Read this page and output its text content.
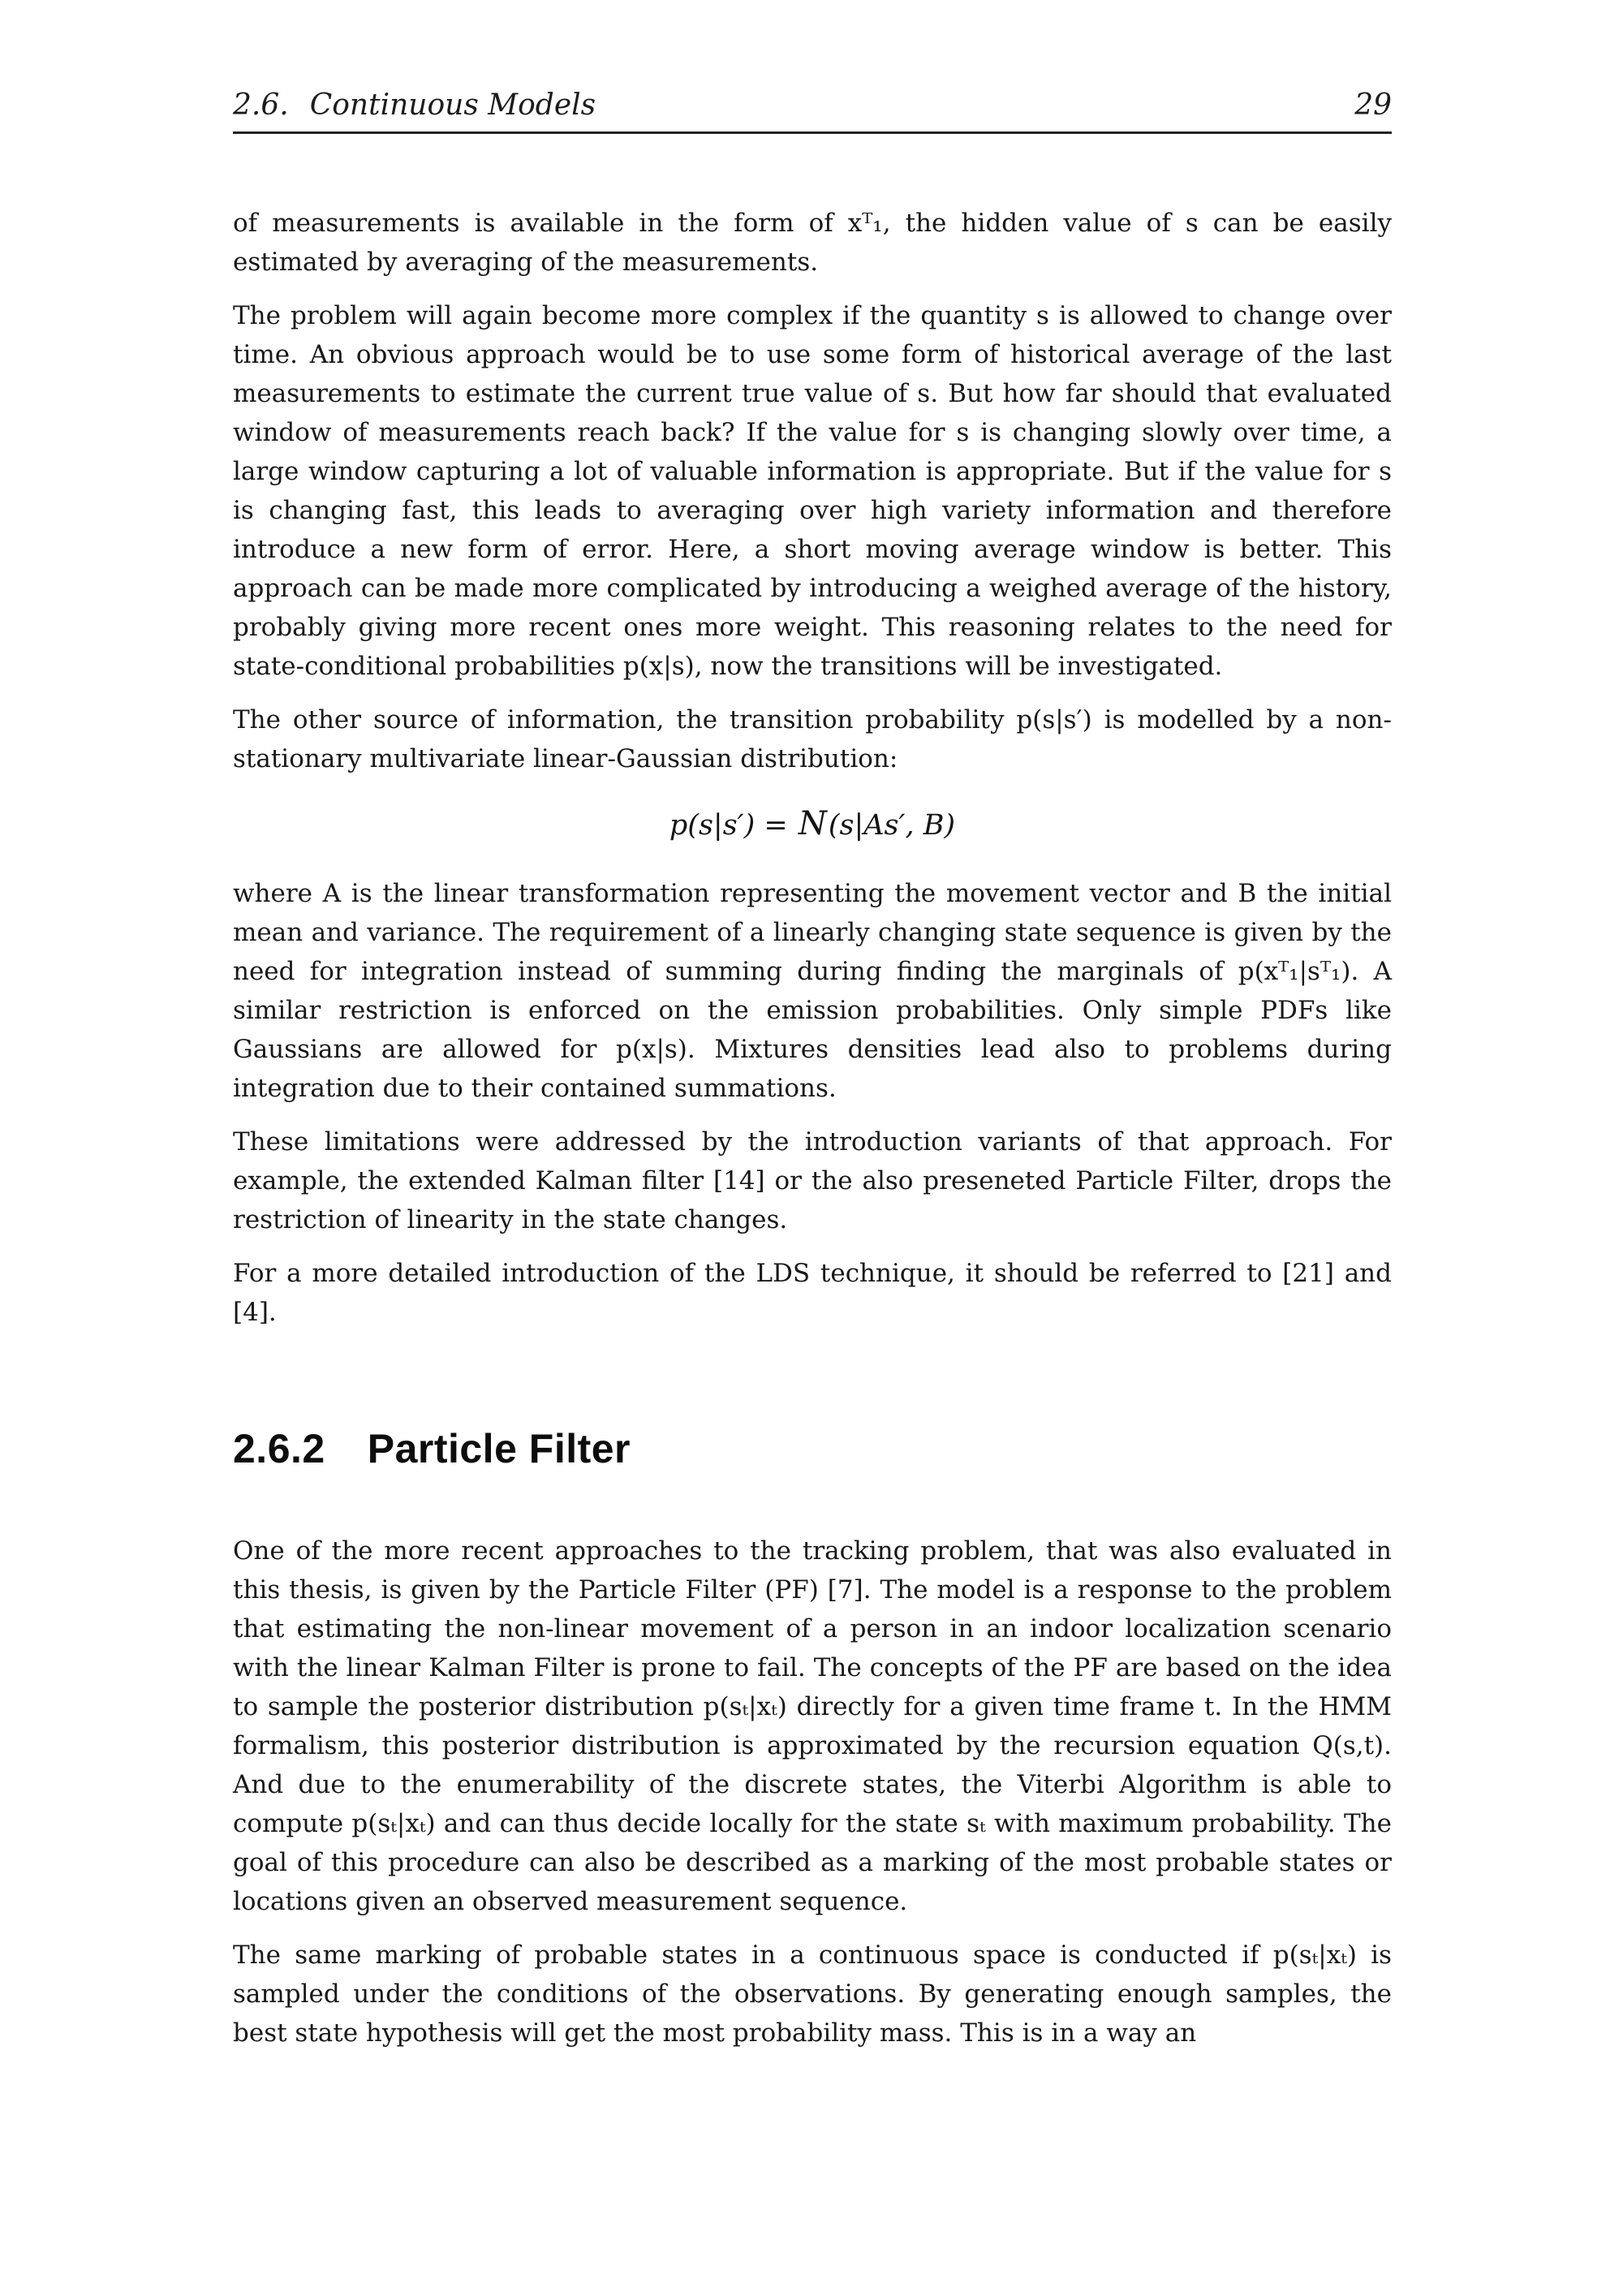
2.6. Continuous Models	29

of measurements is available in the form of xᵀ₁, the hidden value of s can be easily estimated by averaging of the measurements.

The problem will again become more complex if the quantity s is allowed to change over time. An obvious approach would be to use some form of historical average of the last measurements to estimate the current true value of s. But how far should that evaluated window of measurements reach back? If the value for s is changing slowly over time, a large window capturing a lot of valuable information is appropriate. But if the value for s is changing fast, this leads to averaging over high variety information and therefore introduce a new form of error. Here, a short moving average window is better. This approach can be made more complicated by introducing a weighed average of the history, probably giving more recent ones more weight. This reasoning relates to the need for state-conditional probabilities p(x|s), now the transitions will be investigated.

The other source of information, the transition probability p(s|s′) is modelled by a non-stationary multivariate linear-Gaussian distribution:

p(s|s′) = N(s|As′, B)

where A is the linear transformation representing the movement vector and B the initial mean and variance. The requirement of a linearly changing state sequence is given by the need for integration instead of summing during finding the marginals of p(xᵀ₁|sᵀ₁). A similar restriction is enforced on the emission probabilities. Only simple PDFs like Gaussians are allowed for p(x|s). Mixtures densities lead also to problems during integration due to their contained summations.

These limitations were addressed by the introduction variants of that approach. For example, the extended Kalman filter [14] or the also preseneted Particle Filter, drops the restriction of linearity in the state changes.

For a more detailed introduction of the LDS technique, it should be referred to [21] and [4].

2.6.2 Particle Filter

One of the more recent approaches to the tracking problem, that was also evaluated in this thesis, is given by the Particle Filter (PF) [7]. The model is a response to the problem that estimating the non-linear movement of a person in an indoor localization scenario with the linear Kalman Filter is prone to fail. The concepts of the PF are based on the idea to sample the posterior distribution p(sₜ|xₜ) directly for a given time frame t. In the HMM formalism, this posterior distribution is approximated by the recursion equation Q(s,t). And due to the enumerability of the discrete states, the Viterbi Algorithm is able to compute p(sₜ|xₜ) and can thus decide locally for the state sₜ with maximum probability. The goal of this procedure can also be described as a marking of the most probable states or locations given an observed measurement sequence.

The same marking of probable states in a continuous space is conducted if p(sₜ|xₜ) is sampled under the conditions of the observations. By generating enough samples, the best state hypothesis will get the most probability mass. This is in a way an
